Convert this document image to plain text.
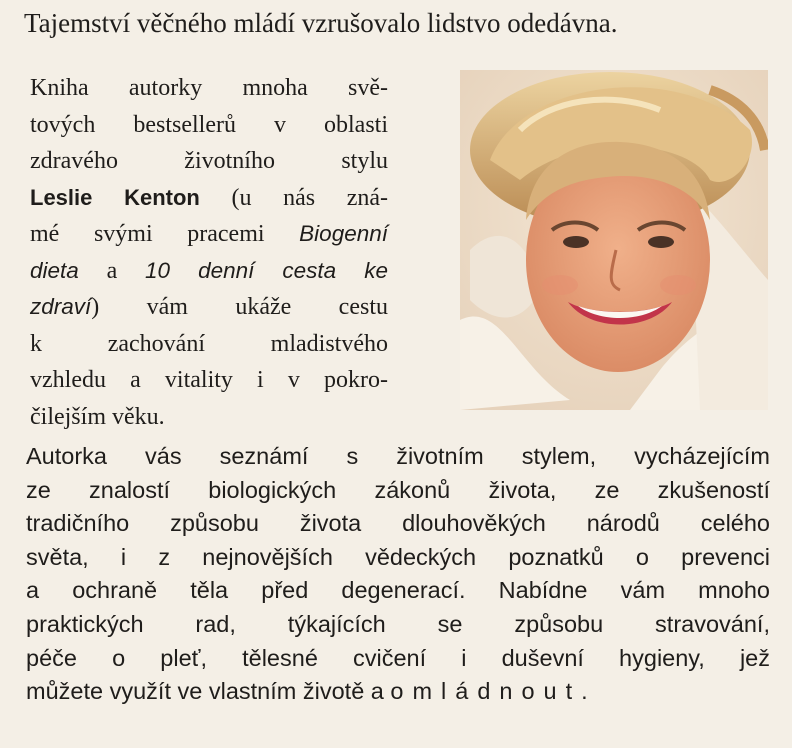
Tajemství věčného mládí vzrušovalo lidstvo odedávna.
Kniha autorky mnoha svě-
tových bestsellerů v oblasti
zdravého životního stylu
Leslie Kenton (u nás zná-
mé svými pracemi Biogenní
dieta a 10 denní cesta ke
zdraví) vám ukáže cestu
k zachování mladistvého
vzhledu a vitality i v pokro-
čilejším věku.
Autorka vás seznámí s životním stylem, vycházejícím
ze znalostí biologických zákonů života, ze zkušeností
tradičního způsobu života dlouhověkých národů celého
světa, i z nejnovějších vědeckých poznatků o prevenci
a ochraně těla před degenerací. Nabídne vám mnoho
praktických rad, týkajících se způsobu stravování,
péče o pleť, tělesné cvičení i duševní hygieny, jež
můžete využít ve vlastním životě a omládnout.
